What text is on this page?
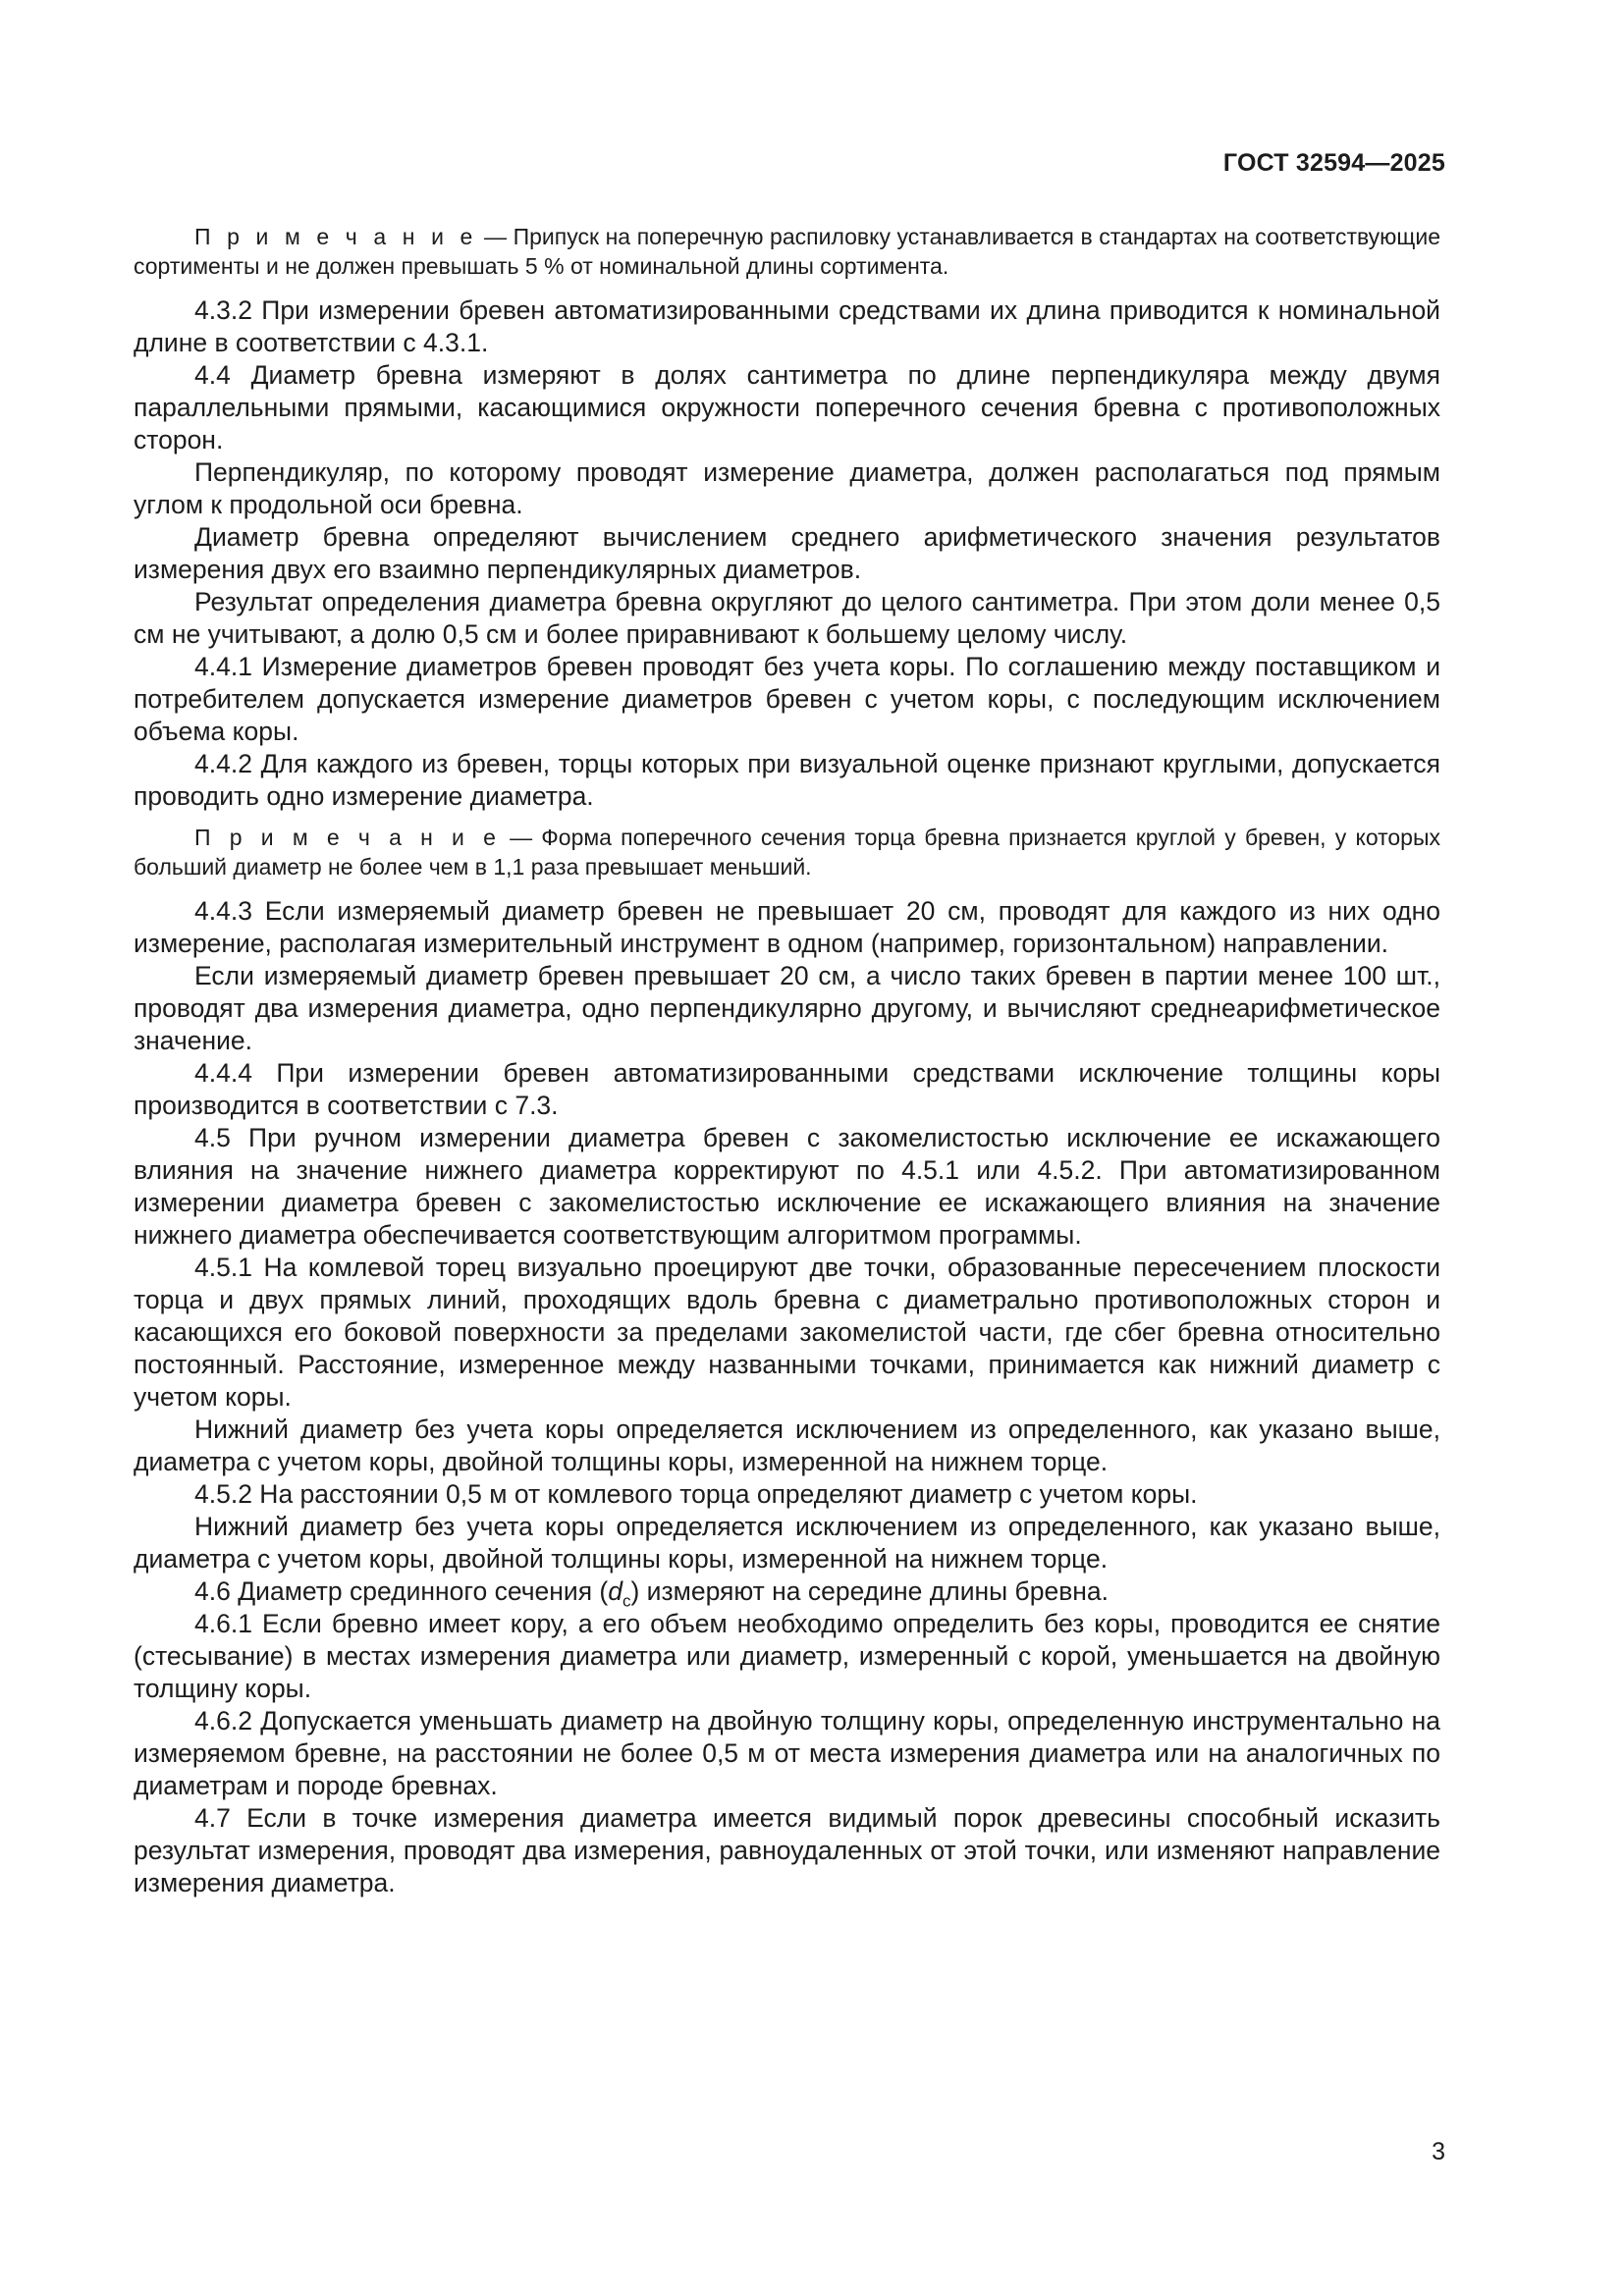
ГОСТ 32594—2025

П р и м е ч а н и е — Припуск на поперечную распиловку устанавливается в стандартах на соответствующие сортименты и не должен превышать 5 % от номинальной длины сортимента.

4.3.2 При измерении бревен автоматизированными средствами их длина приводится к номинальной длине в соответствии с 4.3.1.

4.4 Диаметр бревна измеряют в долях сантиметра по длине перпендикуляра между двумя параллельными прямыми, касающимися окружности поперечного сечения бревна с противоположных сторон.

Перпендикуляр, по которому проводят измерение диаметра, должен располагаться под прямым углом к продольной оси бревна.

Диаметр бревна определяют вычислением среднего арифметического значения результатов измерения двух его взаимно перпендикулярных диаметров.

Результат определения диаметра бревна округляют до целого сантиметра. При этом доли менее 0,5 см не учитывают, а долю 0,5 см и более приравнивают к большему целому числу.

4.4.1 Измерение диаметров бревен проводят без учета коры. По соглашению между поставщиком и потребителем допускается измерение диаметров бревен с учетом коры, с последующим исключением объема коры.

4.4.2 Для каждого из бревен, торцы которых при визуальной оценке признают круглыми, допускается проводить одно измерение диаметра.

П р и м е ч а н и е — Форма поперечного сечения торца бревна признается круглой у бревен, у которых больший диаметр не более чем в 1,1 раза превышает меньший.

4.4.3 Если измеряемый диаметр бревен не превышает 20 см, проводят для каждого из них одно измерение, располагая измерительный инструмент в одном (например, горизонтальном) направлении.

Если измеряемый диаметр бревен превышает 20 см, а число таких бревен в партии менее 100 шт., проводят два измерения диаметра, одно перпендикулярно другому, и вычисляют среднеарифметическое значение.

4.4.4 При измерении бревен автоматизированными средствами исключение толщины коры производится в соответствии с 7.3.

4.5 При ручном измерении диаметра бревен с закомелистостью исключение ее искажающего влияния на значение нижнего диаметра корректируют по 4.5.1 или 4.5.2. При автоматизированном измерении диаметра бревен с закомелистостью исключение ее искажающего влияния на значение нижнего диаметра обеспечивается соответствующим алгоритмом программы.

4.5.1 На комлевой торец визуально проецируют две точки, образованные пересечением плоскости торца и двух прямых линий, проходящих вдоль бревна с диаметрально противоположных сторон и касающихся его боковой поверхности за пределами закомелистой части, где сбег бревна относительно постоянный. Расстояние, измеренное между названными точками, принимается как нижний диаметр с учетом коры.

Нижний диаметр без учета коры определяется исключением из определенного, как указано выше, диаметра с учетом коры, двойной толщины коры, измеренной на нижнем торце.

4.5.2 На расстоянии 0,5 м от комлевого торца определяют диаметр с учетом коры.

Нижний диаметр без учета коры определяется исключением из определенного, как указано выше, диаметра с учетом коры, двойной толщины коры, измеренной на нижнем торце.

4.6 Диаметр срединного сечения $(d_с)$ измеряют на середине длины бревна.

4.6.1 Если бревно имеет кору, а его объем необходимо определить без коры, проводится ее снятие (стесывание) в местах измерения диаметра или диаметр, измеренный с корой, уменьшается на двойную толщину коры.

4.6.2 Допускается уменьшать диаметр на двойную толщину коры, определенную инструментально на измеряемом бревне, на расстоянии не более 0,5 м от места измерения диаметра или на аналогичных по диаметрам и породе бревнах.

4.7 Если в точке измерения диаметра имеется видимый порок древесины способный исказить результат измерения, проводят два измерения, равноудаленных от этой точки, или изменяют направление измерения диаметра.

3
